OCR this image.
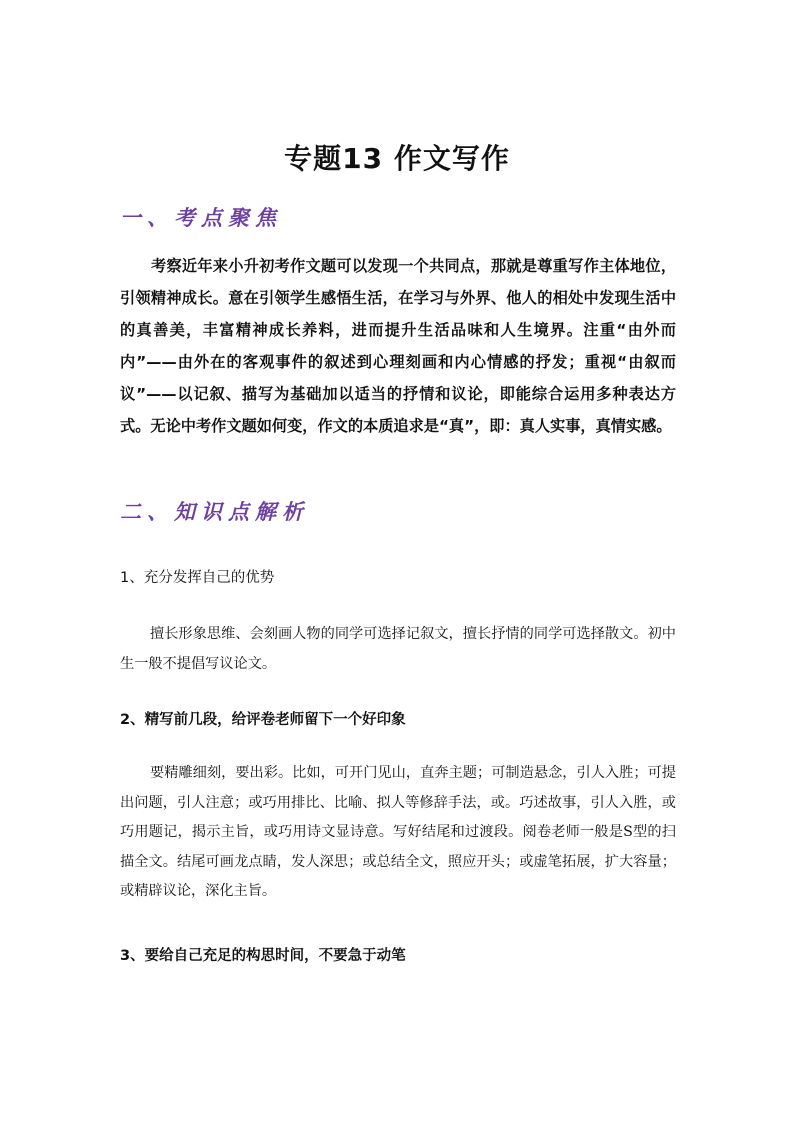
专题13 作文写作
一、考点聚焦

考察近年来小升初考作文题可以发现一个共同点，那就是尊重写作主体地位，引领精神成长。意在引领学生感悟生活，在学习与外界、他人的相处中发现生活中的真善美，丰富精神成长养料，进而提升生活品味和人生境界。注重“由外而内”——由外在的客观事件的叙述到心理刻画和内心情感的抒发；重视“由叙而议”——以记叙、描写为基础加以适当的抒情和议论，即能综合运用多种表达方式。无论中考作文题如何变，作文的本质追求是“真”，即：真人实事，真情实感。

二、知识点解析
1、充分发挥自己的优势

擅长形象思维、会刻画人物的同学可选择记叙文，擅长抒情的同学可选择散文。初中生一般不提倡写议论文。

2、精写前几段，给评卷老师留下一个好印象

要精雕细刻，要出彩。比如，可开门见山，直奔主题；可制造悬念，引人入胜；可提出问题，引人注意；或巧用排比、比喻、拟人等修辞手法，或。巧述故事，引人入胜，或巧用题记，揭示主旨，或巧用诗文显诗意。写好结尾和过渡段。阅卷老师一般是S型的扫描全文。结尾可画龙点睛，发人深思；或总结全文，照应开头；或虚笔拓展，扩大容量；或精辟议论，深化主旨。

3、要给自己充足的构思时间，不要急于动笔
